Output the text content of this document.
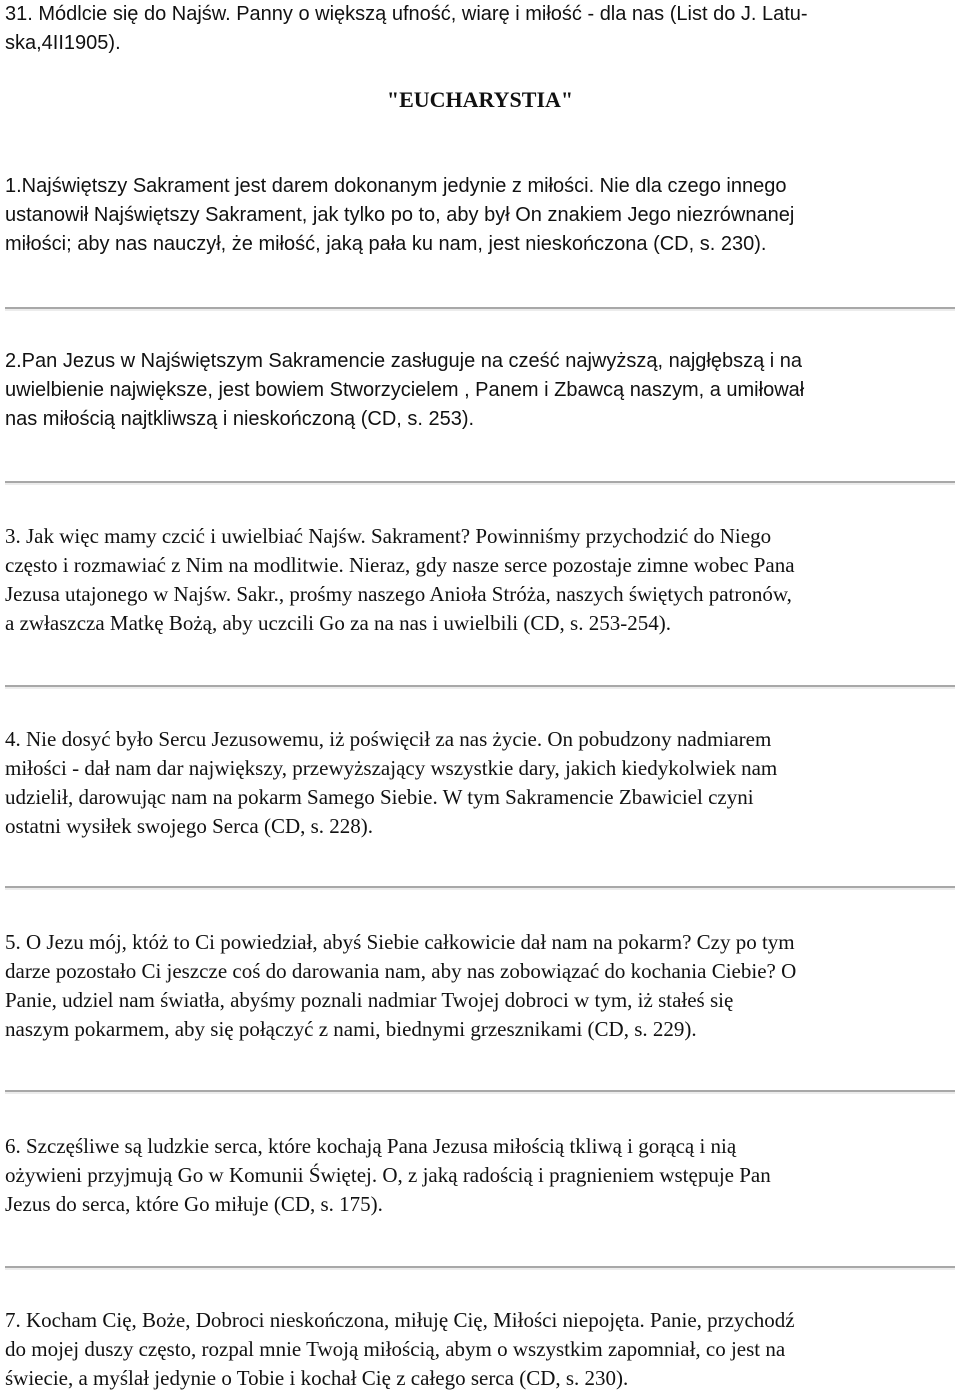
31. Módlcie się do Najśw. Panny o większą ufność, wiarę i miłość - dla nas (List do J. Latu-
ska,4II1905).

"EUCHARYSTIA"

1.Najświętszy Sakrament jest darem dokonanym jedynie z miłości. Nie dla czego innego
ustanowił Najświętszy Sakrament, jak tylko po to, aby był On znakiem Jego niezrównanej
miłości; aby nas nauczył, że miłość, jaką pała ku nam, jest nieskończona (CD, s. 230).

2.Pan Jezus w Najświętszym Sakramencie zasługuje na cześć najwyższą, najgłębszą i na
uwielbienie największe, jest bowiem Stworzycielem , Panem i Zbawcą naszym, a umiłował
nas miłością najtkliwszą i nieskończoną (CD, s. 253).

3. Jak więc mamy czcić i uwielbiać Najśw. Sakrament? Powinniśmy przychodzić do Niego
często i rozmawiać z Nim na modlitwie. Nieraz, gdy nasze serce pozostaje zimne wobec Pana
Jezusa utajonego w Najśw. Sakr., prośmy naszego Anioła Stróża, naszych świętych patronów,
a zwłaszcza Matkę Bożą, aby uczcili Go za na nas i uwielbili (CD, s. 253-254).

4. Nie dosyć było Sercu Jezusowemu, iż poświęcił za nas życie. On pobudzony nadmiarem
miłości - dał nam dar największy, przewyższający wszystkie dary, jakich kiedykolwiek nam
udzielił, darowując nam na pokarm Samego Siebie. W tym Sakramencie Zbawiciel czyni
ostatni wysiłek swojego Serca (CD, s. 228).

5. O Jezu mój, któż to Ci powiedział, abyś Siebie całkowicie dał nam na pokarm? Czy po tym
darze pozostało Ci jeszcze coś do darowania nam, aby nas zobowiązać do kochania Ciebie? O
Panie, udziel nam światła, abyśmy poznali nadmiar Twojej dobroci w tym, iż stałeś się
naszym pokarmem, aby się połączyć z nami, biednymi grzesznikami (CD, s. 229).

6. Szczęśliwe są ludzkie serca, które kochają Pana Jezusa miłością tkliwą i gorącą i nią
ożywieni przyjmują Go w Komunii Świętej. O, z jaką radością i pragnieniem wstępuje Pan
Jezus do serca, które Go miłuje (CD, s. 175).

7. Kocham Cię, Boże, Dobroci nieskończona, miłuję Cię, Miłości niepojęta. Panie, przychodź
do mojej duszy często, rozpal mnie Twoją miłością, abym o wszystkim zapomniał, co jest na
świecie, a myślał jedynie o Tobie i kochał Cię z całego serca (CD, s. 230).
